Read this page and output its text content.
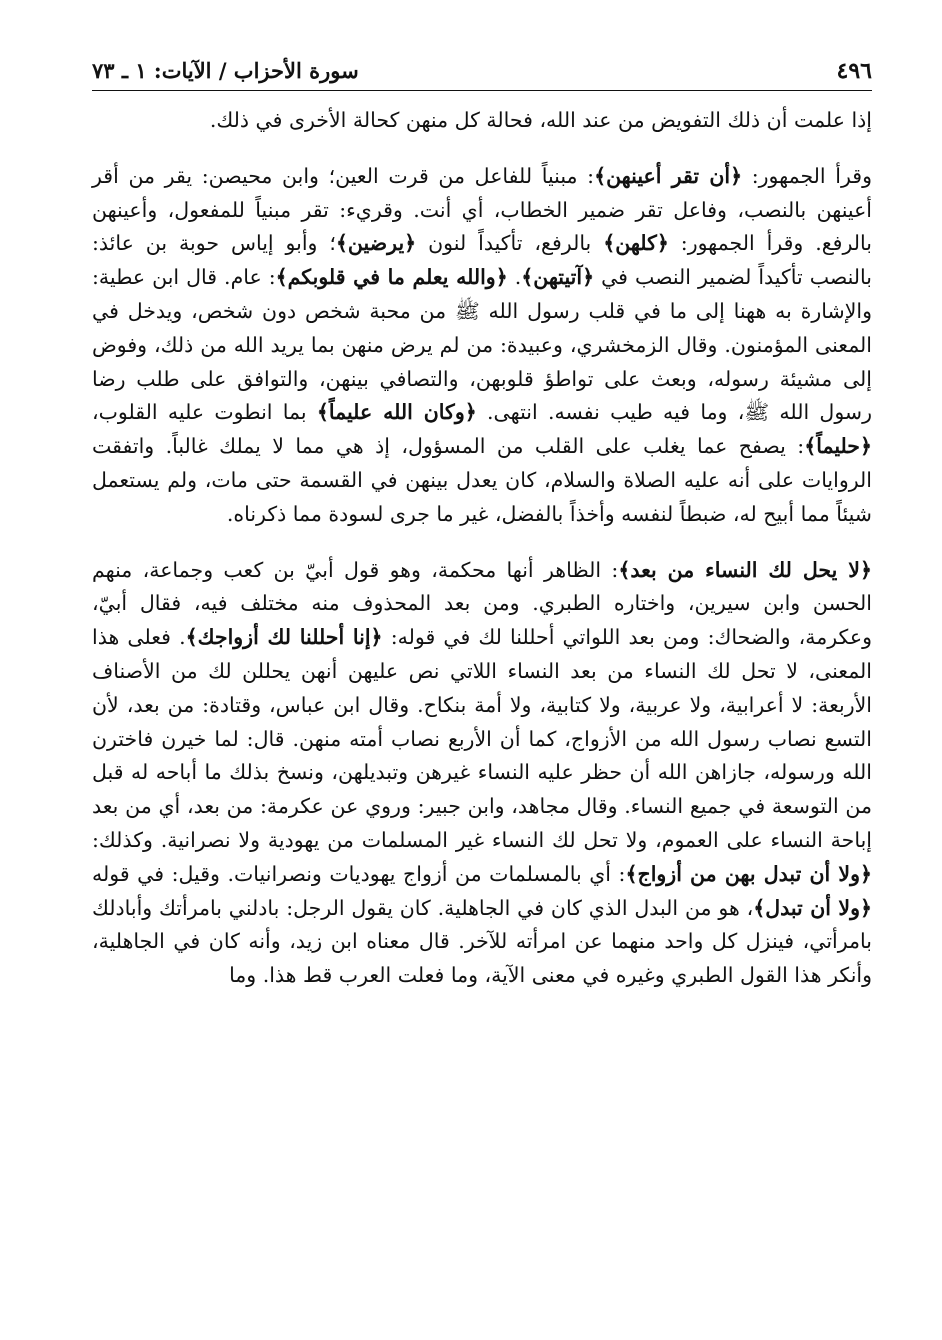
٤٩٦
سورة الأحزاب / الآيات: ١ ـ ٧٣

إذا علمت أن ذلك التفويض من عند الله، فحالة كل منهن كحالة الأخرى في ذلك.

وقرأ الجمهور: ﴿أن تقر أعينهن﴾: مبنياً للفاعل من قرت العين؛ وابن محيصن: يقر من أقر أعينهن بالنصب، وفاعل تقر ضمير الخطاب، أي أنت. وقريء: تقر مبنياً للمفعول، وأعينهن بالرفع. وقرأ الجمهور: ﴿كلهن﴾ بالرفع، تأكيداً لنون ﴿يرضين﴾؛ وأبو إياس حوبة بن عائذ: بالنصب تأكيداً لضمير النصب في ﴿آتيتهن﴾. ﴿والله يعلم ما في قلوبكم﴾: عام. قال ابن عطية: والإشارة به ههنا إلى ما في قلب رسول الله ﷺ من محبة شخص دون شخص، ويدخل في المعنى المؤمنون. وقال الزمخشري، وعبيدة: من لم يرض منهن بما يريد الله من ذلك، وفوض إلى مشيئة رسوله، وبعث على تواطؤ قلوبهن، والتصافي بينهن، والتوافق على طلب رضا رسول الله ﷺ، وما فيه طيب نفسه. انتهى. ﴿وكان الله عليماً﴾ بما انطوت عليه القلوب، ﴿حليماً﴾: يصفح عما يغلب على القلب من المسؤول، إذ هي مما لا يملك غالباً. واتفقت الروايات على أنه عليه الصلاة والسلام، كان يعدل بينهن في القسمة حتى مات، ولم يستعمل شيئاً مما أبيح له، ضبطاً لنفسه وأخذاً بالفضل، غير ما جرى لسودة مما ذكرناه.

﴿لا يحل لك النساء من بعد﴾: الظاهر أنها محكمة، وهو قول أبيّ بن كعب وجماعة، منهم الحسن وابن سيرين، واختاره الطبري. ومن بعد المحذوف منه مختلف فيه، فقال أبيّ، وعكرمة، والضحاك: ومن بعد اللواتي أحللنا لك في قوله: ﴿إنا أحللنا لك أزواجك﴾. فعلى هذا المعنى، لا تحل لك النساء من بعد النساء اللاتي نص عليهن أنهن يحللن لك من الأصناف الأربعة: لا أعرابية، ولا عربية، ولا كتابية، ولا أمة بنكاح. وقال ابن عباس، وقتادة: من بعد، لأن التسع نصاب رسول الله من الأزواج، كما أن الأربع نصاب أمته منهن. قال: لما خيرن فاخترن الله ورسوله، جازاهن الله أن حظر عليه النساء غيرهن وتبديلهن، ونسخ بذلك ما أباحه له قبل من التوسعة في جميع النساء. وقال مجاهد، وابن جبير: وروي عن عكرمة: من بعد، أي من بعد إباحة النساء على العموم، ولا تحل لك النساء غير المسلمات من يهودية ولا نصرانية. وكذلك: ﴿ولا أن تبدل بهن من أزواج﴾: أي بالمسلمات من أزواج يهوديات ونصرانيات. وقيل: في قوله ﴿ولا أن تبدل﴾، هو من البدل الذي كان في الجاهلية. كان يقول الرجل: بادلني بامرأتك وأبادلك بامرأتي، فينزل كل واحد منهما عن امرأته للآخر. قال معناه ابن زيد، وأنه كان في الجاهلية، وأنكر هذا القول الطبري وغيره في معنى الآية، وما فعلت العرب قط هذا. وما
